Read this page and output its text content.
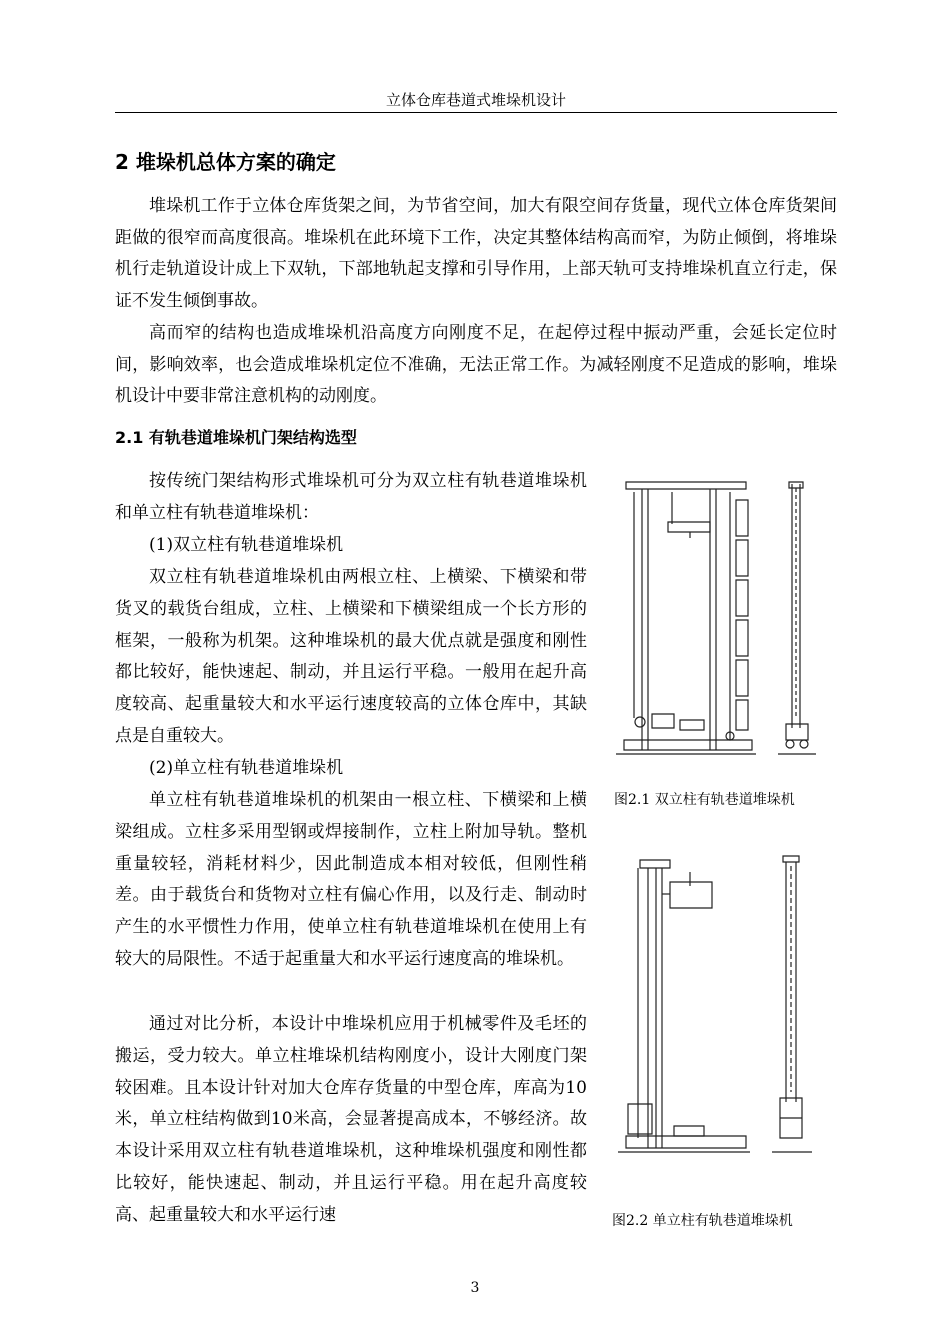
立体仓库巷道式堆垛机设计
2 堆垛机总体方案的确定

堆垛机工作于立体仓库货架之间，为节省空间，加大有限空间存货量，现代立体仓库货架间距做的很窄而高度很高。堆垛机在此环境下工作，决定其整体结构高而窄，为防止倾倒，将堆垛机行走轨道设计成上下双轨，下部地轨起支撑和引导作用，上部天轨可支持堆垛机直立行走，保证不发生倾倒事故。

高而窄的结构也造成堆垛机沿高度方向刚度不足，在起停过程中振动严重，会延长定位时间，影响效率，也会造成堆垛机定位不准确，无法正常工作。为减轻刚度不足造成的影响，堆垛机设计中要非常注意机构的动刚度。

2.1 有轨巷道堆垛机门架结构选型

按传统门架结构形式堆垛机可分为双立柱有轨巷道堆垛机和单立柱有轨巷道堆垛机：

(1)双立柱有轨巷道堆垛机

双立柱有轨巷道堆垛机由两根立柱、上横梁、下横梁和带货叉的载货台组成，立柱、上横梁和下横梁组成一个长方形的框架，一般称为机架。这种堆垛机的最大优点就是强度和刚性都比较好，能快速起、制动，并且运行平稳。一般用在起升高度较高、起重量较大和水平运行速度较高的立体仓库中，其缺点是自重较大。

(2)单立柱有轨巷道堆垛机

单立柱有轨巷道堆垛机的机架由一根立柱、下横梁和上横梁组成。立柱多采用型钢或焊接制作，立柱上附加导轨。整机重量较轻，消耗材料少，因此制造成本相对较低，但刚性稍差。由于载货台和货物对立柱有偏心作用，以及行走、制动时产生的水平惯性力作用，使单立柱有轨巷道堆垛机在使用上有较大的局限性。不适于起重量大和水平运行速度高的堆垛机。

通过对比分析，本设计中堆垛机应用于机械零件及毛坯的搬运，受力较大。单立柱堆垛机结构刚度小，设计大刚度门架较困难。且本设计针对加大仓库存货量的中型仓库，库高为10米，单立柱结构做到10米高，会显著提高成本，不够经济。故本设计采用双立柱有轨巷道堆垛机，这种堆垛机强度和刚性都比较好，能快速起、制动，并且运行平稳。用在起升高度较高、起重量较大和水平运行速

图2.1 双立柱有轨巷道堆垛机
图2.2 单立柱有轨巷道堆垛机
3
